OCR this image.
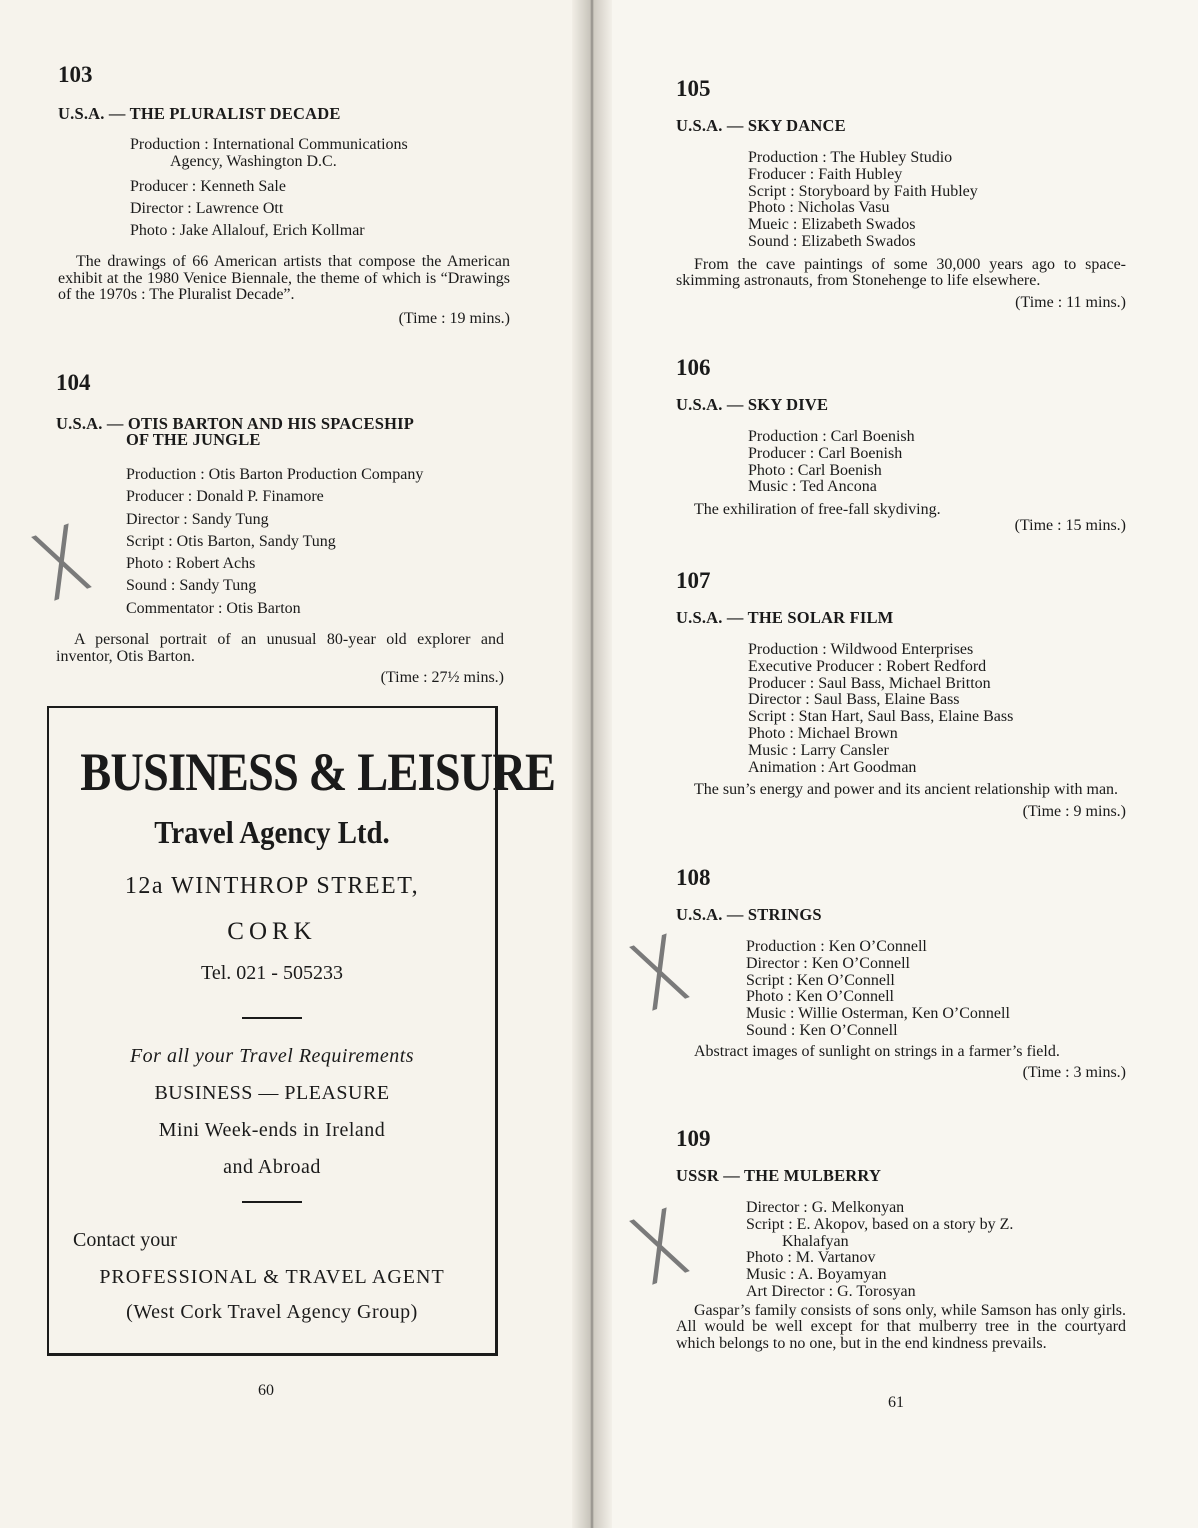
103
U.S.A. — THE PLURALIST DECADE
Production : International Communications
Agency, Washington D.C.
Producer : Kenneth Sale
Director : Lawrence Ott
Photo : Jake Allalouf, Erich Kollmar
The drawings of 66 American artists that compose the American exhibit at the 1980 Venice Biennale, the theme of which is “Drawings of the 1970s : The Pluralist Decade”.
(Time : 19 mins.)
104
U.S.A. — OTIS BARTON AND HIS SPACESHIP
OF THE JUNGLE
Production : Otis Barton Production Company
Producer : Donald P. Finamore
Director : Sandy Tung
Script : Otis Barton, Sandy Tung
Photo : Robert Achs
Sound : Sandy Tung
Commentator : Otis Barton
A personal portrait of an unusual 80-year old explorer and inventor, Otis Barton.
(Time : 27½ mins.)
╳
BUSINESS & LEISURE
Travel Agency Ltd.
12a WINTHROP STREET,
CORK
Tel. 021 - 505233
For all your Travel Requirements
BUSINESS — PLEASURE
Mini Week-ends in Ireland
and Abroad
Contact your
PROFESSIONAL & TRAVEL AGENT
(West Cork Travel Agency Group)
60
105
U.S.A. — SKY DANCE
Production : The Hubley Studio
Froducer : Faith Hubley
Script : Storyboard by Faith Hubley
Photo : Nicholas Vasu
Mueic : Elizabeth Swados
Sound : Elizabeth Swados
From the cave paintings of some 30,000 years ago to space-skimming astronauts, from Stonehenge to life elsewhere.
(Time : 11 mins.)
106
U.S.A. — SKY DIVE
Production : Carl Boenish
Producer : Carl Boenish
Photo : Carl Boenish
Music : Ted Ancona
The exhiliration of free-fall skydiving.
(Time : 15 mins.)
107
U.S.A. — THE SOLAR FILM
Production : Wildwood Enterprises
Executive Producer : Robert Redford
Producer : Saul Bass, Michael Britton
Director : Saul Bass, Elaine Bass
Script : Stan Hart, Saul Bass, Elaine Bass
Photo : Michael Brown
Music : Larry Cansler
Animation : Art Goodman
The sun’s energy and power and its ancient relationship with man.
(Time : 9 mins.)
108
U.S.A. — STRINGS
Production : Ken O’Connell
Director : Ken O’Connell
Script : Ken O’Connell
Photo : Ken O’Connell
Music : Willie Osterman, Ken O’Connell
Sound : Ken O’Connell
Abstract images of sunlight on strings in a farmer’s field.
(Time : 3 mins.)
╳
109
USSR — THE MULBERRY
Director : G. Melkonyan
Script : E. Akopov, based on a story by Z.
Khalafyan
Photo : M. Vartanov
Music : A. Boyamyan
Art Director : G. Torosyan
Gaspar’s family consists of sons only, while Samson has only girls. All would be well except for that mulberry tree in the courtyard which belongs to no one, but in the end kindness prevails.
╳
61
